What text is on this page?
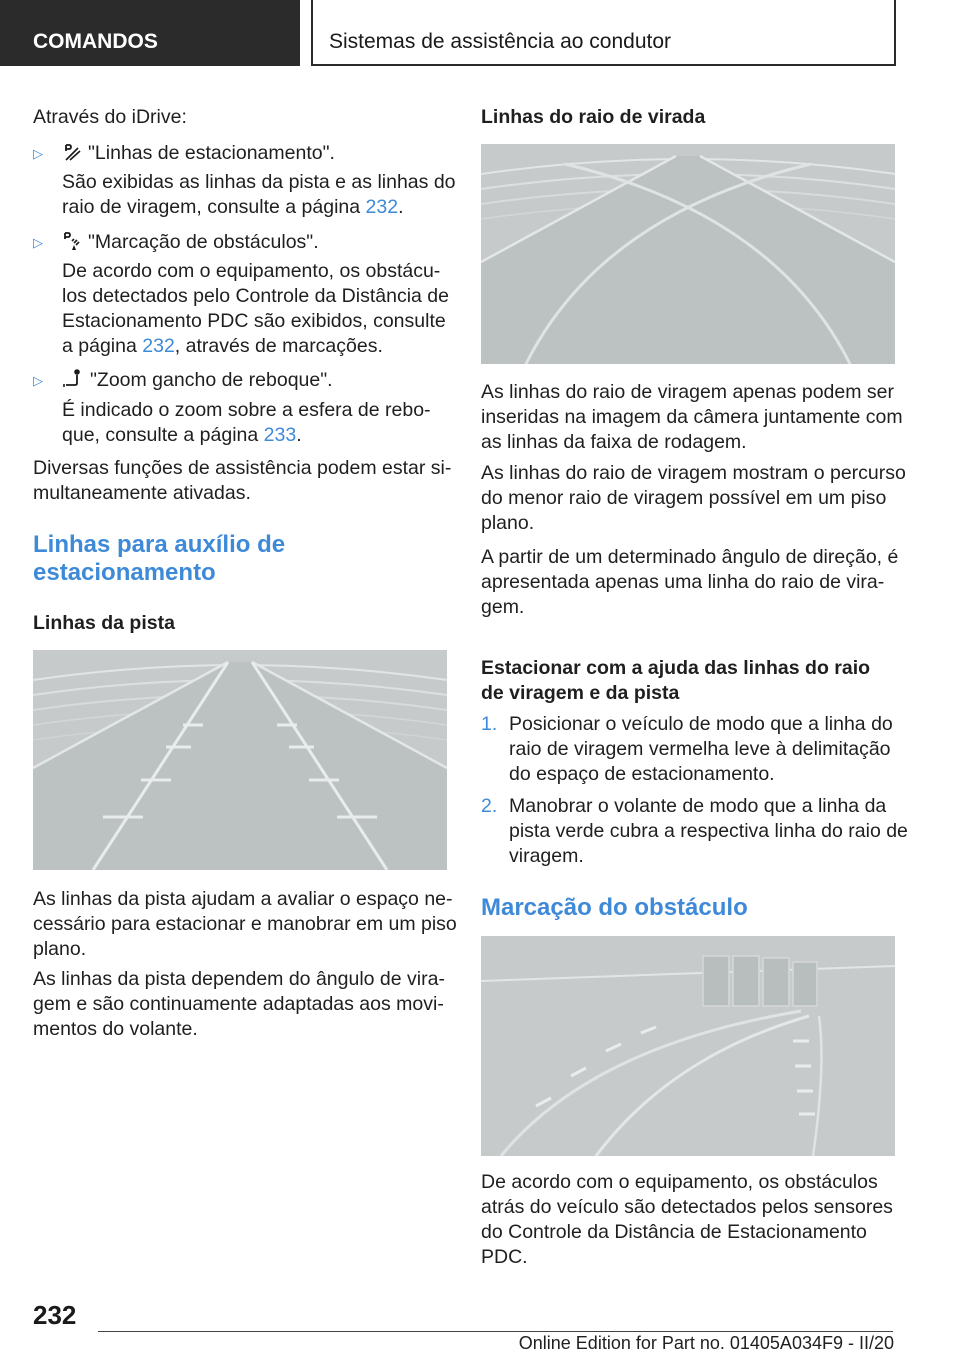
COMANDOS	Sistemas de assistência ao condutor
Através do iDrive:
▷	"Linhas de estacionamento".
São exibidas as linhas da pista e as linhas do
raio de viragem, consulte a página 232.
▷	"Marcação de obstáculos".
De acordo com o equipamento, os obstácu-
los detectados pelo Controle da Distância de
Estacionamento PDC são exibidos, consulte
a página 232, através de marcações.
▷	"Zoom gancho de reboque".
É indicado o zoom sobre a esfera de rebo-
que, consulte a página 233.
Diversas funções de assistência podem estar si-
multaneamente ativadas.
Linhas para auxílio de
estacionamento
Linhas da pista
As linhas da pista ajudam a avaliar o espaço ne-
cessário para estacionar e manobrar em um piso
plano.
As linhas da pista dependem do ângulo de vira-
gem e são continuamente adaptadas aos movi-
mentos do volante.
Linhas do raio de virada
As linhas do raio de viragem apenas podem ser
inseridas na imagem da câmera juntamente com
as linhas da faixa de rodagem.
As linhas do raio de viragem mostram o percurso
do menor raio de viragem possível em um piso
plano.
A partir de um determinado ângulo de direção, é
apresentada apenas uma linha do raio de vira-
gem.
Estacionar com a ajuda das linhas do raio
de viragem e da pista
1. Posicionar o veículo de modo que a linha do
raio de viragem vermelha leve à delimitação
do espaço de estacionamento.
2. Manobrar o volante de modo que a linha da
pista verde cubra a respectiva linha do raio de
viragem.
Marcação do obstáculo
De acordo com o equipamento, os obstáculos
atrás do veículo são detectados pelos sensores
do Controle da Distância de Estacionamento
PDC.
232
Online Edition for Part no. 01405A034F9 - II/20
